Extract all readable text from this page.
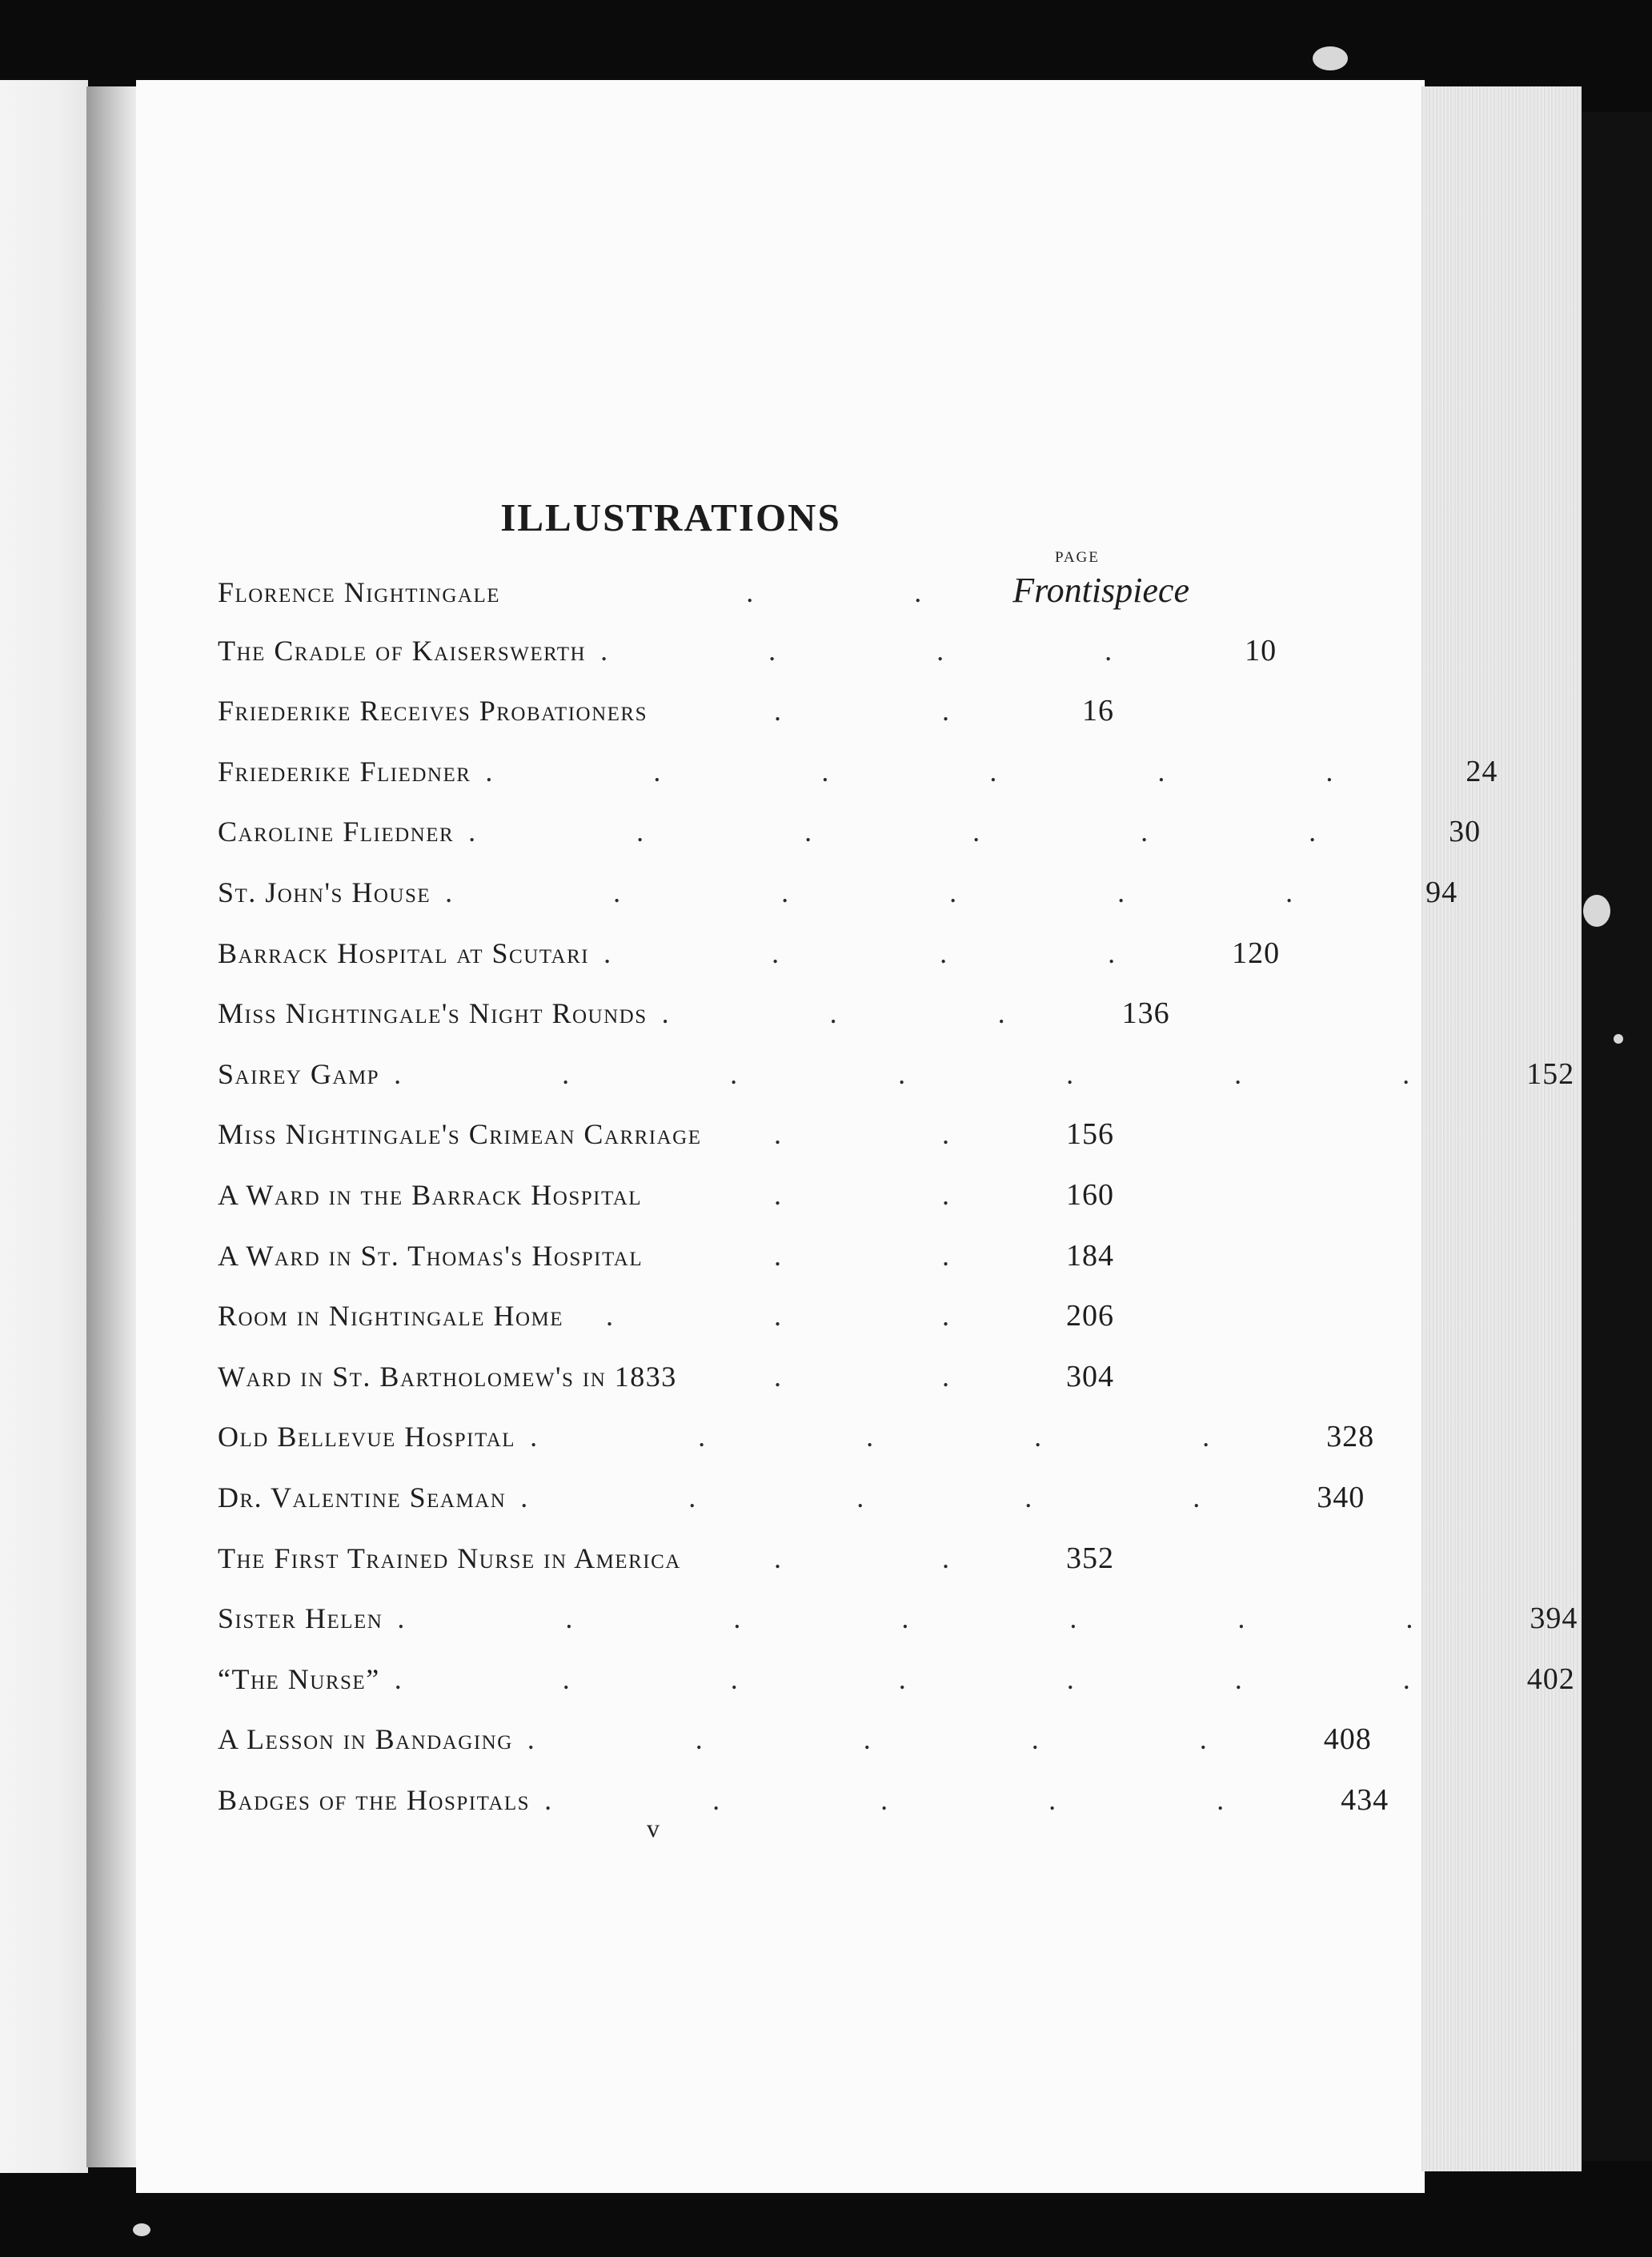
ILLUSTRATIONS
PAGE
Florence Nightingale	. . Frontispiece
The Cradle of Kaiserswerth . . . .	10
Friederike Receives Probationers	. .	16
Friederike Fliedner . . . . . .	24
Caroline Fliedner . . . . . .	30
St. John's House . . . . . .	94
Barrack Hospital at Scutari . . . .	120
Miss Nightingale's Night Rounds . . .	136
Sairey Gamp . . . . . . .	152
Miss Nightingale's Crimean Carriage	. .	156
A Ward in the Barrack Hospital	. .	160
A Ward in St. Thomas's Hospital	. .	184
Room in Nightingale Home	. . .	206
Ward in St. Bartholomew's in 1833	. .	304
Old Bellevue Hospital . . . . .	328
Dr. Valentine Seaman . . . . .	340
The First Trained Nurse in America	. .	352
Sister Helen . . . . . . .	394
“The Nurse” . . . . . . .	402
A Lesson in Bandaging . . . . .	408
Badges of the Hospitals . . . . .	434
v
